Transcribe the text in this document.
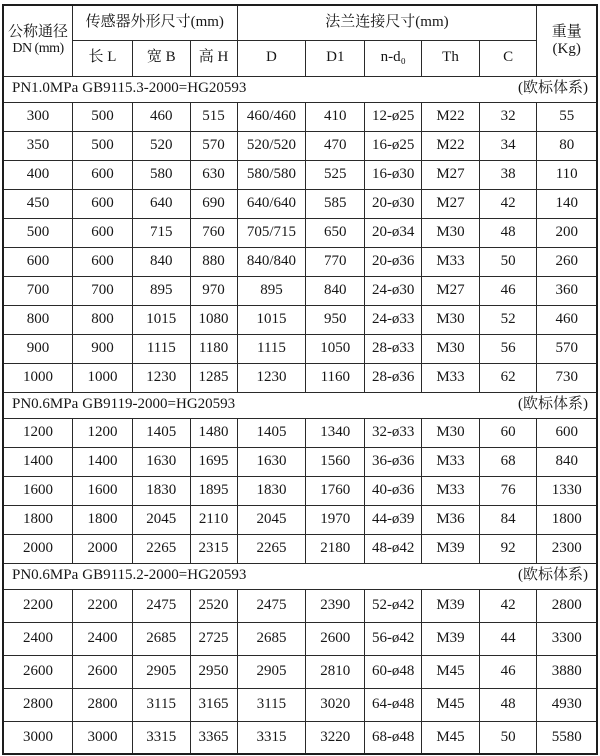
公称通径
DN (mm)	传感器外形尺寸(mm)			法兰连接尺寸(mm)					重量
(Kg)

	长 L	宽 B	高 H	D	D1	n-d₀	Th	C	

PN1.0MPa GB9115.3-2000=HG20593 (欧标体系)									

300	500	460	515	460/460	410	12-ø25	M22	32	55
350	500	520	570	520/520	470	16-ø25	M22	34	80
400	600	580	630	580/580	525	16-ø30	M27	38	110
450	600	640	690	640/640	585	20-ø30	M27	42	140
500	600	715	760	705/715	650	20-ø34	M30	48	200
600	600	840	880	840/840	770	20-ø36	M33	50	260
700	700	895	970	895	840	24-ø30	M27	46	360
800	800	1015	1080	1015	950	24-ø33	M30	52	460
900	900	1115	1180	1115	1050	28-ø33	M30	56	570
1000	1000	1230	1285	1230	1160	28-ø36	M33	62	730

PN0.6MPa GB9119-2000=HG20593 (欧标体系)									

1200	1200	1405	1480	1405	1340	32-ø33	M30	60	600
1400	1400	1630	1695	1630	1560	36-ø36	M33	68	840
1600	1600	1830	1895	1830	1760	40-ø36	M33	76	1330
1800	1800	2045	2110	2045	1970	44-ø39	M36	84	1800
2000	2000	2265	2315	2265	2180	48-ø42	M39	92	2300

PN0.6MPa GB9115.2-2000=HG20593 (欧标体系)									

2200	2200	2475	2520	2475	2390	52-ø42	M39	42	2800
2400	2400	2685	2725	2685	2600	56-ø42	M39	44	3300
2600	2600	2905	2950	2905	2810	60-ø48	M45	46	3880
2800	2800	3115	3165	3115	3020	64-ø48	M45	48	4930
3000	3000	3315	3365	3315	3220	68-ø48	M45	50	5580
